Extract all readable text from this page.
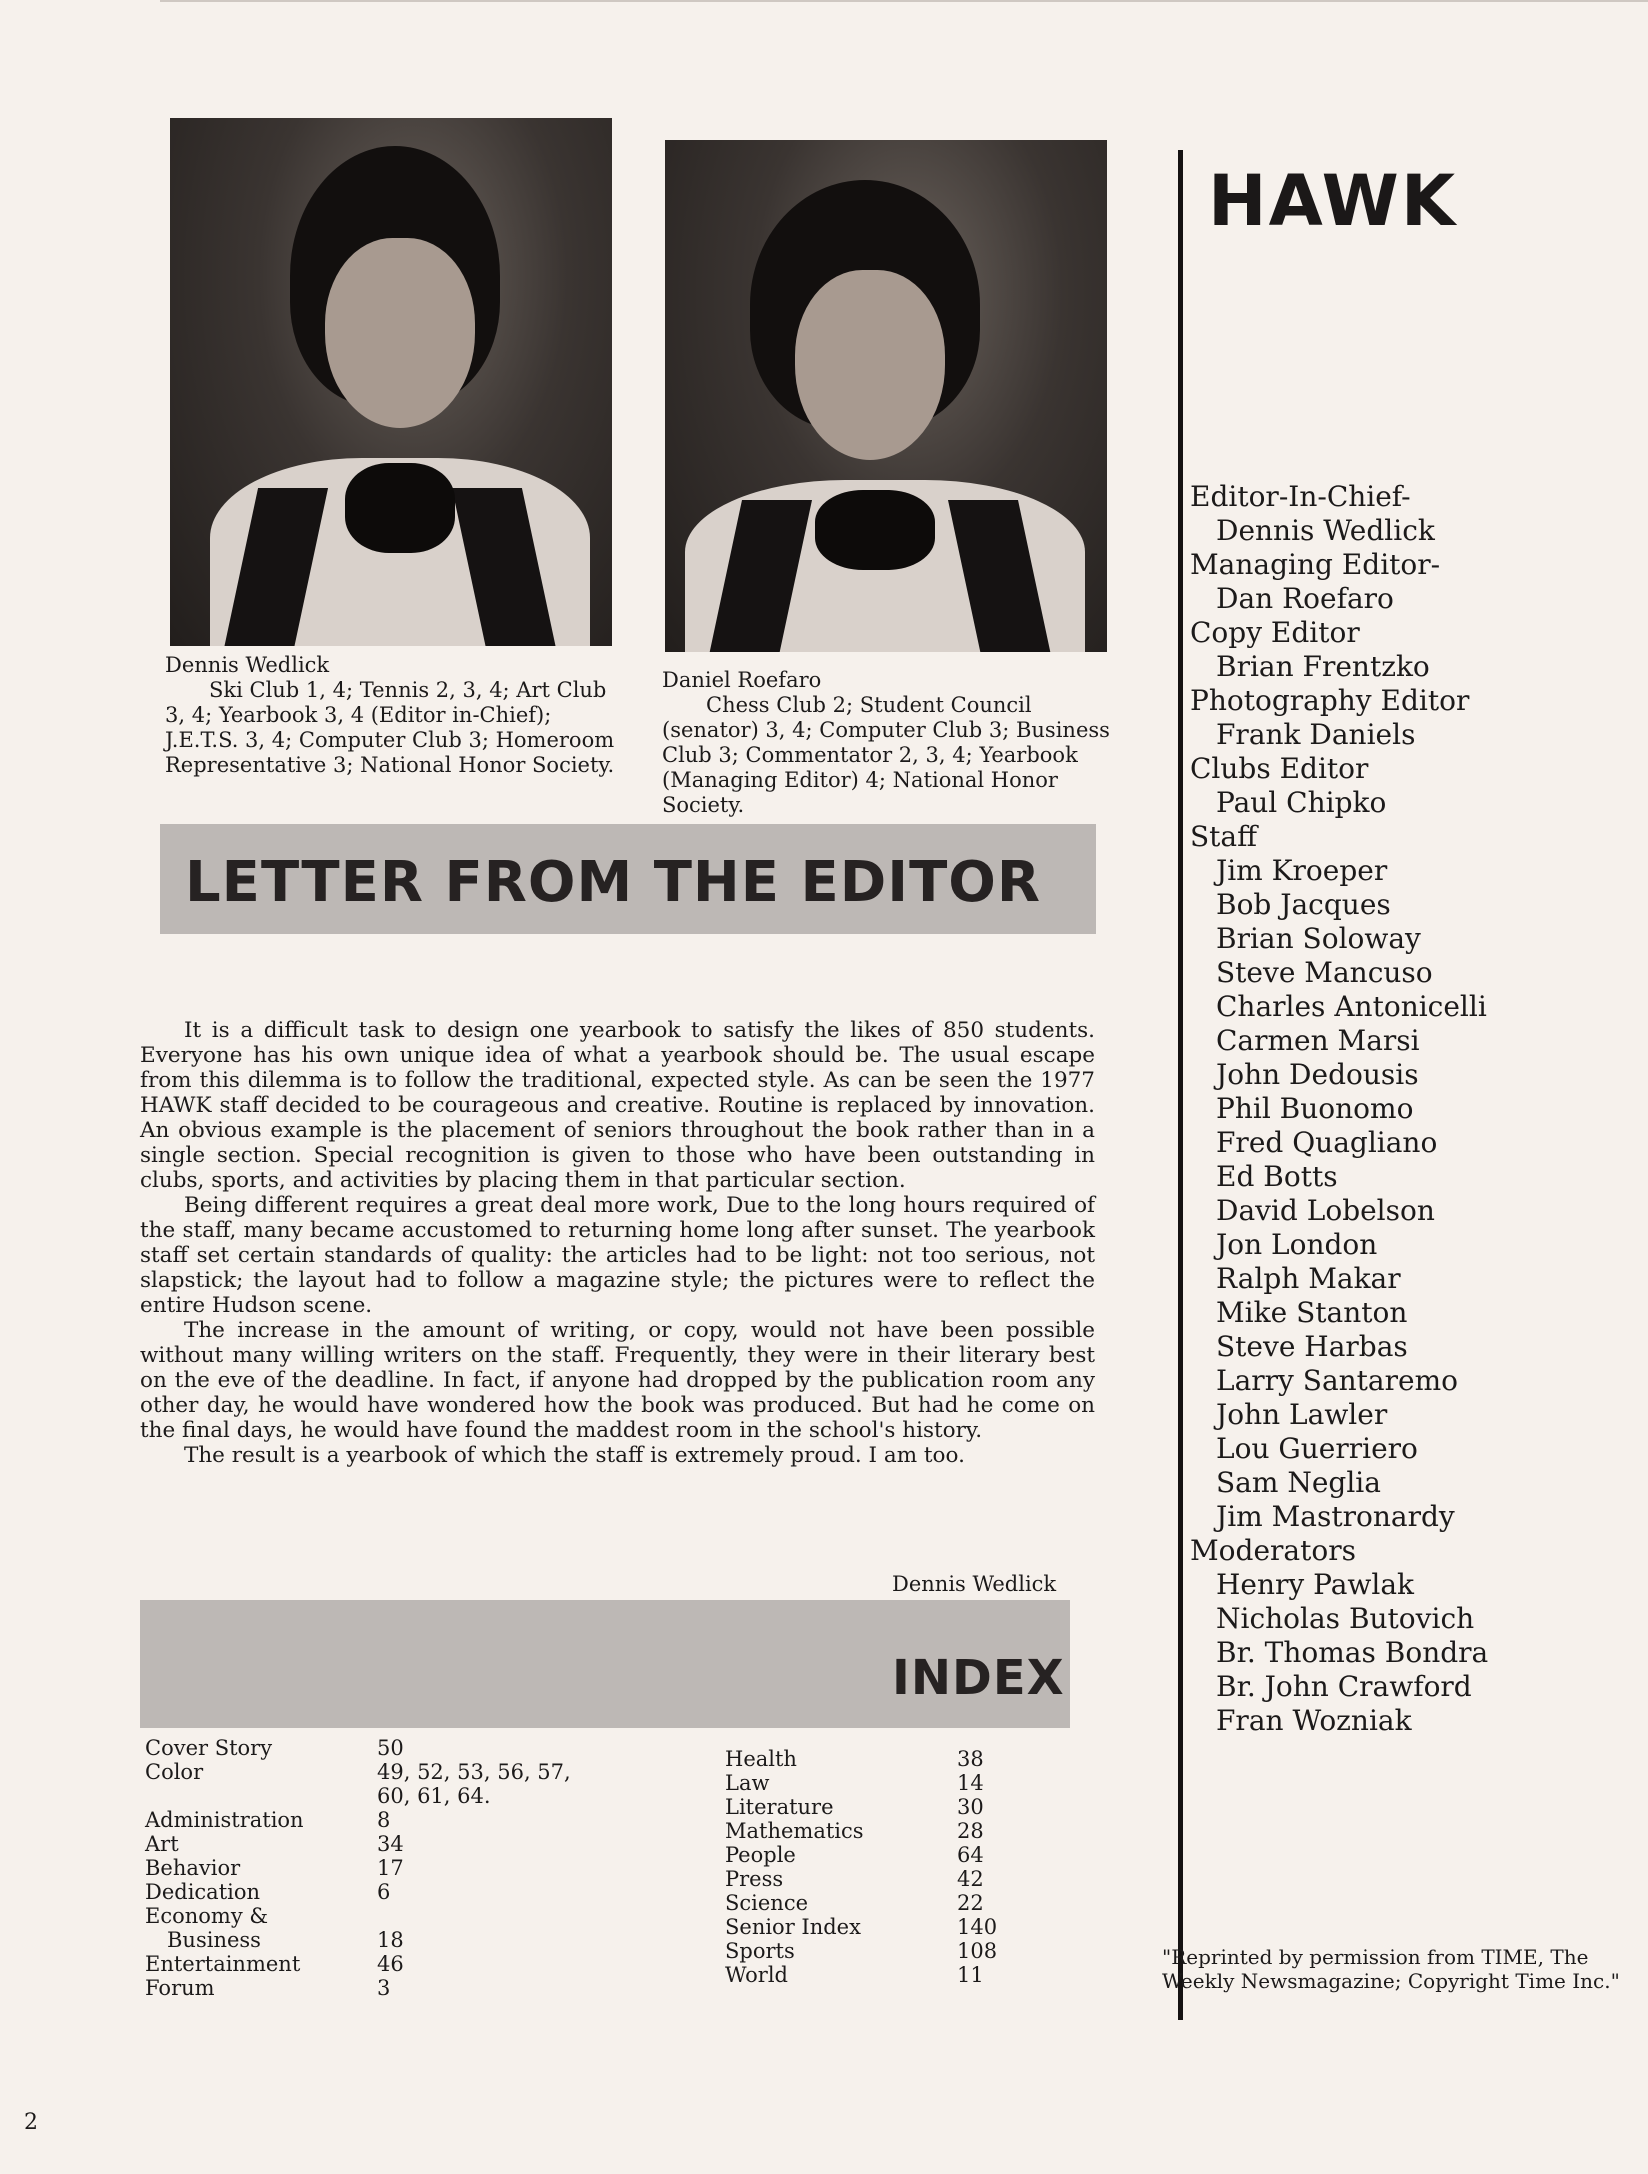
Dennis Wedlick
Ski Club 1, 4; Tennis 2, 3, 4; Art Club 3, 4; Yearbook 3, 4 (Editor in-Chief); J.E.T.S. 3, 4; Computer Club 3; Homeroom Representative 3; National Honor Society.
Daniel Roefaro
Chess Club 2; Student Council (senator) 3, 4; Computer Club 3; Business Club 3; Commentator 2, 3, 4; Yearbook (Managing Editor) 4; National Honor Society.
LETTER FROM THE EDITOR

It is a difficult task to design one yearbook to satisfy the likes of 850 students. Everyone has his own unique idea of what a yearbook should be. The usual escape from this dilemma is to follow the traditional, expected style. As can be seen the 1977 HAWK staff decided to be courageous and creative. Routine is replaced by innovation. An obvious example is the placement of seniors throughout the book rather than in a single section. Special recognition is given to those who have been outstanding in clubs, sports, and activities by placing them in that particular section.

Being different requires a great deal more work, Due to the long hours required of the staff, many became accustomed to returning home long after sunset. The yearbook staff set certain standards of quality: the articles had to be light: not too serious, not slapstick; the layout had to follow a magazine style; the pictures were to reflect the entire Hudson scene.

The increase in the amount of writing, or copy, would not have been possible without many willing writers on the staff. Frequently, they were in their literary best on the eve of the deadline. In fact, if anyone had dropped by the publication room any other day, he would have wondered how the book was produced. But had he come on the final days, he would have found the maddest room in the school's history.

The result is a yearbook of which the staff is extremely proud. I am too.

Dennis Wedlick
INDEX
Cover Story	50
Color	49, 52, 53, 56, 57,
60, 61, 64.
Administration	8
Art	34
Behavior	17
Dedication	6
Economy &
Business	18
Entertainment	46
Forum	3
Health	38
Law	14
Literature	30
Mathematics	28
People	64
Press	42
Science	22
Senior Index	140
Sports	108
World	11
HAWK
Editor-In-Chief-
Dennis Wedlick
Managing Editor-
Dan Roefaro
Copy Editor
Brian Frentzko
Photography Editor
Frank Daniels
Clubs Editor
Paul Chipko
Staff
Jim Kroeper
Bob Jacques
Brian Soloway
Steve Mancuso
Charles Antonicelli
Carmen Marsi
John Dedousis
Phil Buonomo
Fred Quagliano
Ed Botts
David Lobelson
Jon London
Ralph Makar
Mike Stanton
Steve Harbas
Larry Santaremo
John Lawler
Lou Guerriero
Sam Neglia
Jim Mastronardy
Moderators
Henry Pawlak
Nicholas Butovich
Br. Thomas Bondra
Br. John Crawford
Fran Wozniak
"Reprinted by permission from TIME, The Weekly Newsmagazine; Copyright Time Inc."
2
